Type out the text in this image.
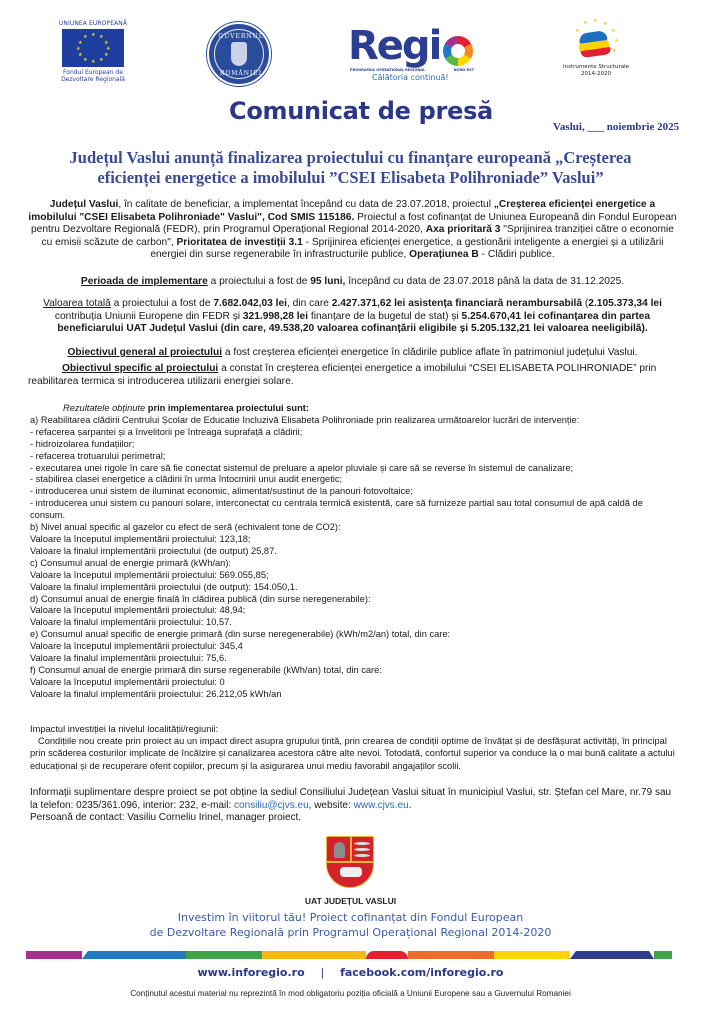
UNIUNEA EUROPEANĂ
★ ★
★
★
★
★
★
★
★
★
★
★
Fondul European de
Dezvoltare Regională
GUVERNUL
ROMÂNIEI
Regi
PROGRAMUL OPERAȚIONAL REGIONAL	NORD-EST
Călătoria continuă!
★ ★ ★
★
★
★
★
Instrumente Structurale
2014-2020
Comunicat de presă
Vaslui, ___ noiembrie 2025
Județul Vaslui anunță finalizarea proiectului cu finanțare europeană „Creșterea
eficienței energetice a imobilului ”CSEI Elisabeta Polihroniade” Vaslui”
Județul Vaslui, în calitate de beneficiar, a implementat începând cu data de 23.07.2018, proiectul „Creșterea eficienței energetice a imobilului "CSEI Elisabeta Polihroniade" Vaslui", Cod SMIS 115186. Proiectul a fost cofinanțat de Uniunea Europeană din Fondul European pentru Dezvoltare Regională (FEDR), prin Programul Operațional Regional 2014-2020, Axa prioritară 3 "Sprijinirea tranziției către o economie cu emisii scăzute de carbon", Prioritatea de investiții 3.1 - Sprijinirea eficienței energetice, a gestionării inteligente a energiei și a utilizării energiei din surse regenerabile în infrastructurile publice, Operațiunea B - Clădiri publice.
Perioada de implementare a proiectului a fost de 95 luni, începând cu data de 23.07.2018 până la data de 31.12.2025.
Valoarea totală a proiectului a fost de 7.682.042,03 lei, din care 2.427.371,62 lei asistența financiară nerambursabilă (2.105.373,34 lei contribuția Uniunii Europene din FEDR și 321.998,28 lei finanțare de la bugetul de stat) și 5.254.670,41 lei cofinanțarea din partea beneficiarului UAT Județul Vaslui (din care, 49.538,20 valoarea cofinanțării eligibile și 5.205.132,21 lei valoarea neeligibilă).
Obiectivul general al proiectului a fost creșterea eficienței energetice în clădirile publice aflate în patrimoniul județului Vaslui.
Obiectivul specific al proiectului a constat în creșterea eficienței energetice a imobilului “CSEI ELISABETA POLIHRONIADE” prin reabilitarea termica si introducerea utilizarii energiei solare.
Rezultatele obținute prin implementarea proiectului sunt:
a) Reabilitarea clădirii Centrului Școlar de Educatie Incluzivă Elisabeta Polihroniade prin realizarea următoarelor lucrări de intervenție:
- refacerea șarpantei și a învelitorii pe întreaga suprafață a clădirii;
- hidroizolarea fundațiilor;
- refacerea trotuarului perimetral;
- executarea unei rigole în care să fie conectat sistemul de preluare a apelor pluviale și care să se reverse în sistemul de canalizare;
- stabilirea clasei energetice a clădirii în urma întocmirii unui audit energetic;
- introducerea unui sistem de iluminat economic, alimentat/sustinut de la panouri fotovoltaice;
- introducerea unui sistem cu panouri solare, interconectat cu centrala termică existentă, care să furnizeze partial sau total consumul de apă caldă de consum.
b) Nivel anual specific al gazelor cu efect de seră (echivalent tone de CO2):
Valoare la începutul implementării proiectului: 123,18;
Valoare la finalul implementării proiectului (de output) 25,87.
c) Consumul anual de energie primară (kWh/an):
Valoare la începutul implementării proiectului: 569.055,85;
Valoare la finalul implementării proiectului (de output): 154.050,1.
d) Consumul anual de energie finală în clădirea publică (din surse neregenerabile):
Valoare la începutul implementării proiectului: 48,94;
Valoare la finalul implementării proiectului: 10,57.
e) Consumul anual specific de energie primară (din surse neregenerabile) (kWh/m2/an) total, din care:
Valoare la începutul implementării proiectului: 345,4
Valoare la finalul implementării proiectului: 75,6.
f) Consumul anual de energie primară din surse regenerabile (kWh/an) total, din care:
Valoare la începutul implementării proiectului: 0
Valoare la finalul implementării proiectului: 26.212,05 kWh/an
Impactul investiției la nivelul localității/regiunii:
Condițiile nou create prin proiect au un impact direct asupra grupului țintă, prin crearea de condiții optime de învățat și de desfășurat activități, în principal prin scăderea costurilor implicate de încălzire și canalizarea acestora către alte nevoi. Totodată, confortul superior va conduce la o mai bună calitate a actului educațional și de recuperare oferit copiilor, precum și la asigurarea unui mediu favorabil angajaților scolii.
Informații suplimentare despre proiect se pot obține la sediul Consiliului Județean Vaslui situat în municipiul Vaslui, str. Ștefan cel Mare, nr.79 sau la telefon: 0235/361.096, interior: 232, e-mail: consiliu@cjvs.eu, website: www.cjvs.eu.
Persoană de contact: Vasiliu Corneliu Irinel, manager proiect.
UAT JUDEȚUL VASLUI
Investim în viitorul tău! Proiect cofinanțat din Fondul European
de Dezvoltare Regională prin Programul Operațional Regional 2014-2020
www.inforegio.ro | facebook.com/inforegio.ro
Conținutul acestui material nu reprezintă în mod obligatoriu poziția oficială a Uniunii Europene sau a Guvernului Romaniei
